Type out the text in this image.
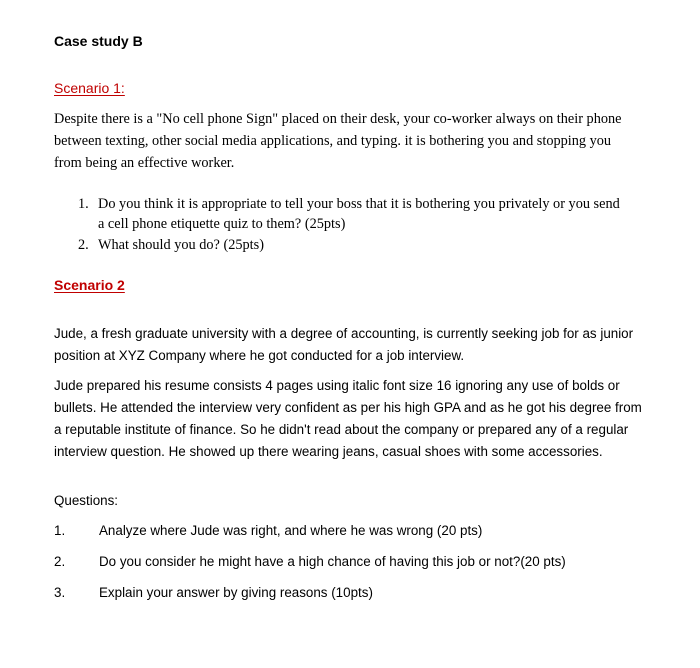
Case study B
Scenario 1:
Despite there is a "No cell phone Sign" placed on their desk, your co-worker always on their phone between texting, other social media applications, and typing. it is bothering you and stopping you from being an effective worker.
1. Do you think it is appropriate to tell your boss that it is bothering you privately or you send a cell phone etiquette quiz to them? (25pts)
2. What should you do? (25pts)
Scenario 2
Jude, a fresh graduate university with a degree of accounting, is currently seeking job for as junior position at XYZ Company where he got conducted for a job interview.
Jude prepared his resume consists 4 pages using italic font size 16 ignoring any use of bolds or bullets. He attended the interview very confident as per his high GPA and as he got his degree from a reputable institute of finance. So he didn't read about the company or prepared any of a regular interview question. He showed up there wearing jeans, casual shoes with some accessories.
Questions:
1.	Analyze where Jude was right, and where he was wrong (20 pts)
2.	Do you consider he might have a high chance of having this job or not?(20 pts)
3.	Explain your answer by giving reasons (10pts)
